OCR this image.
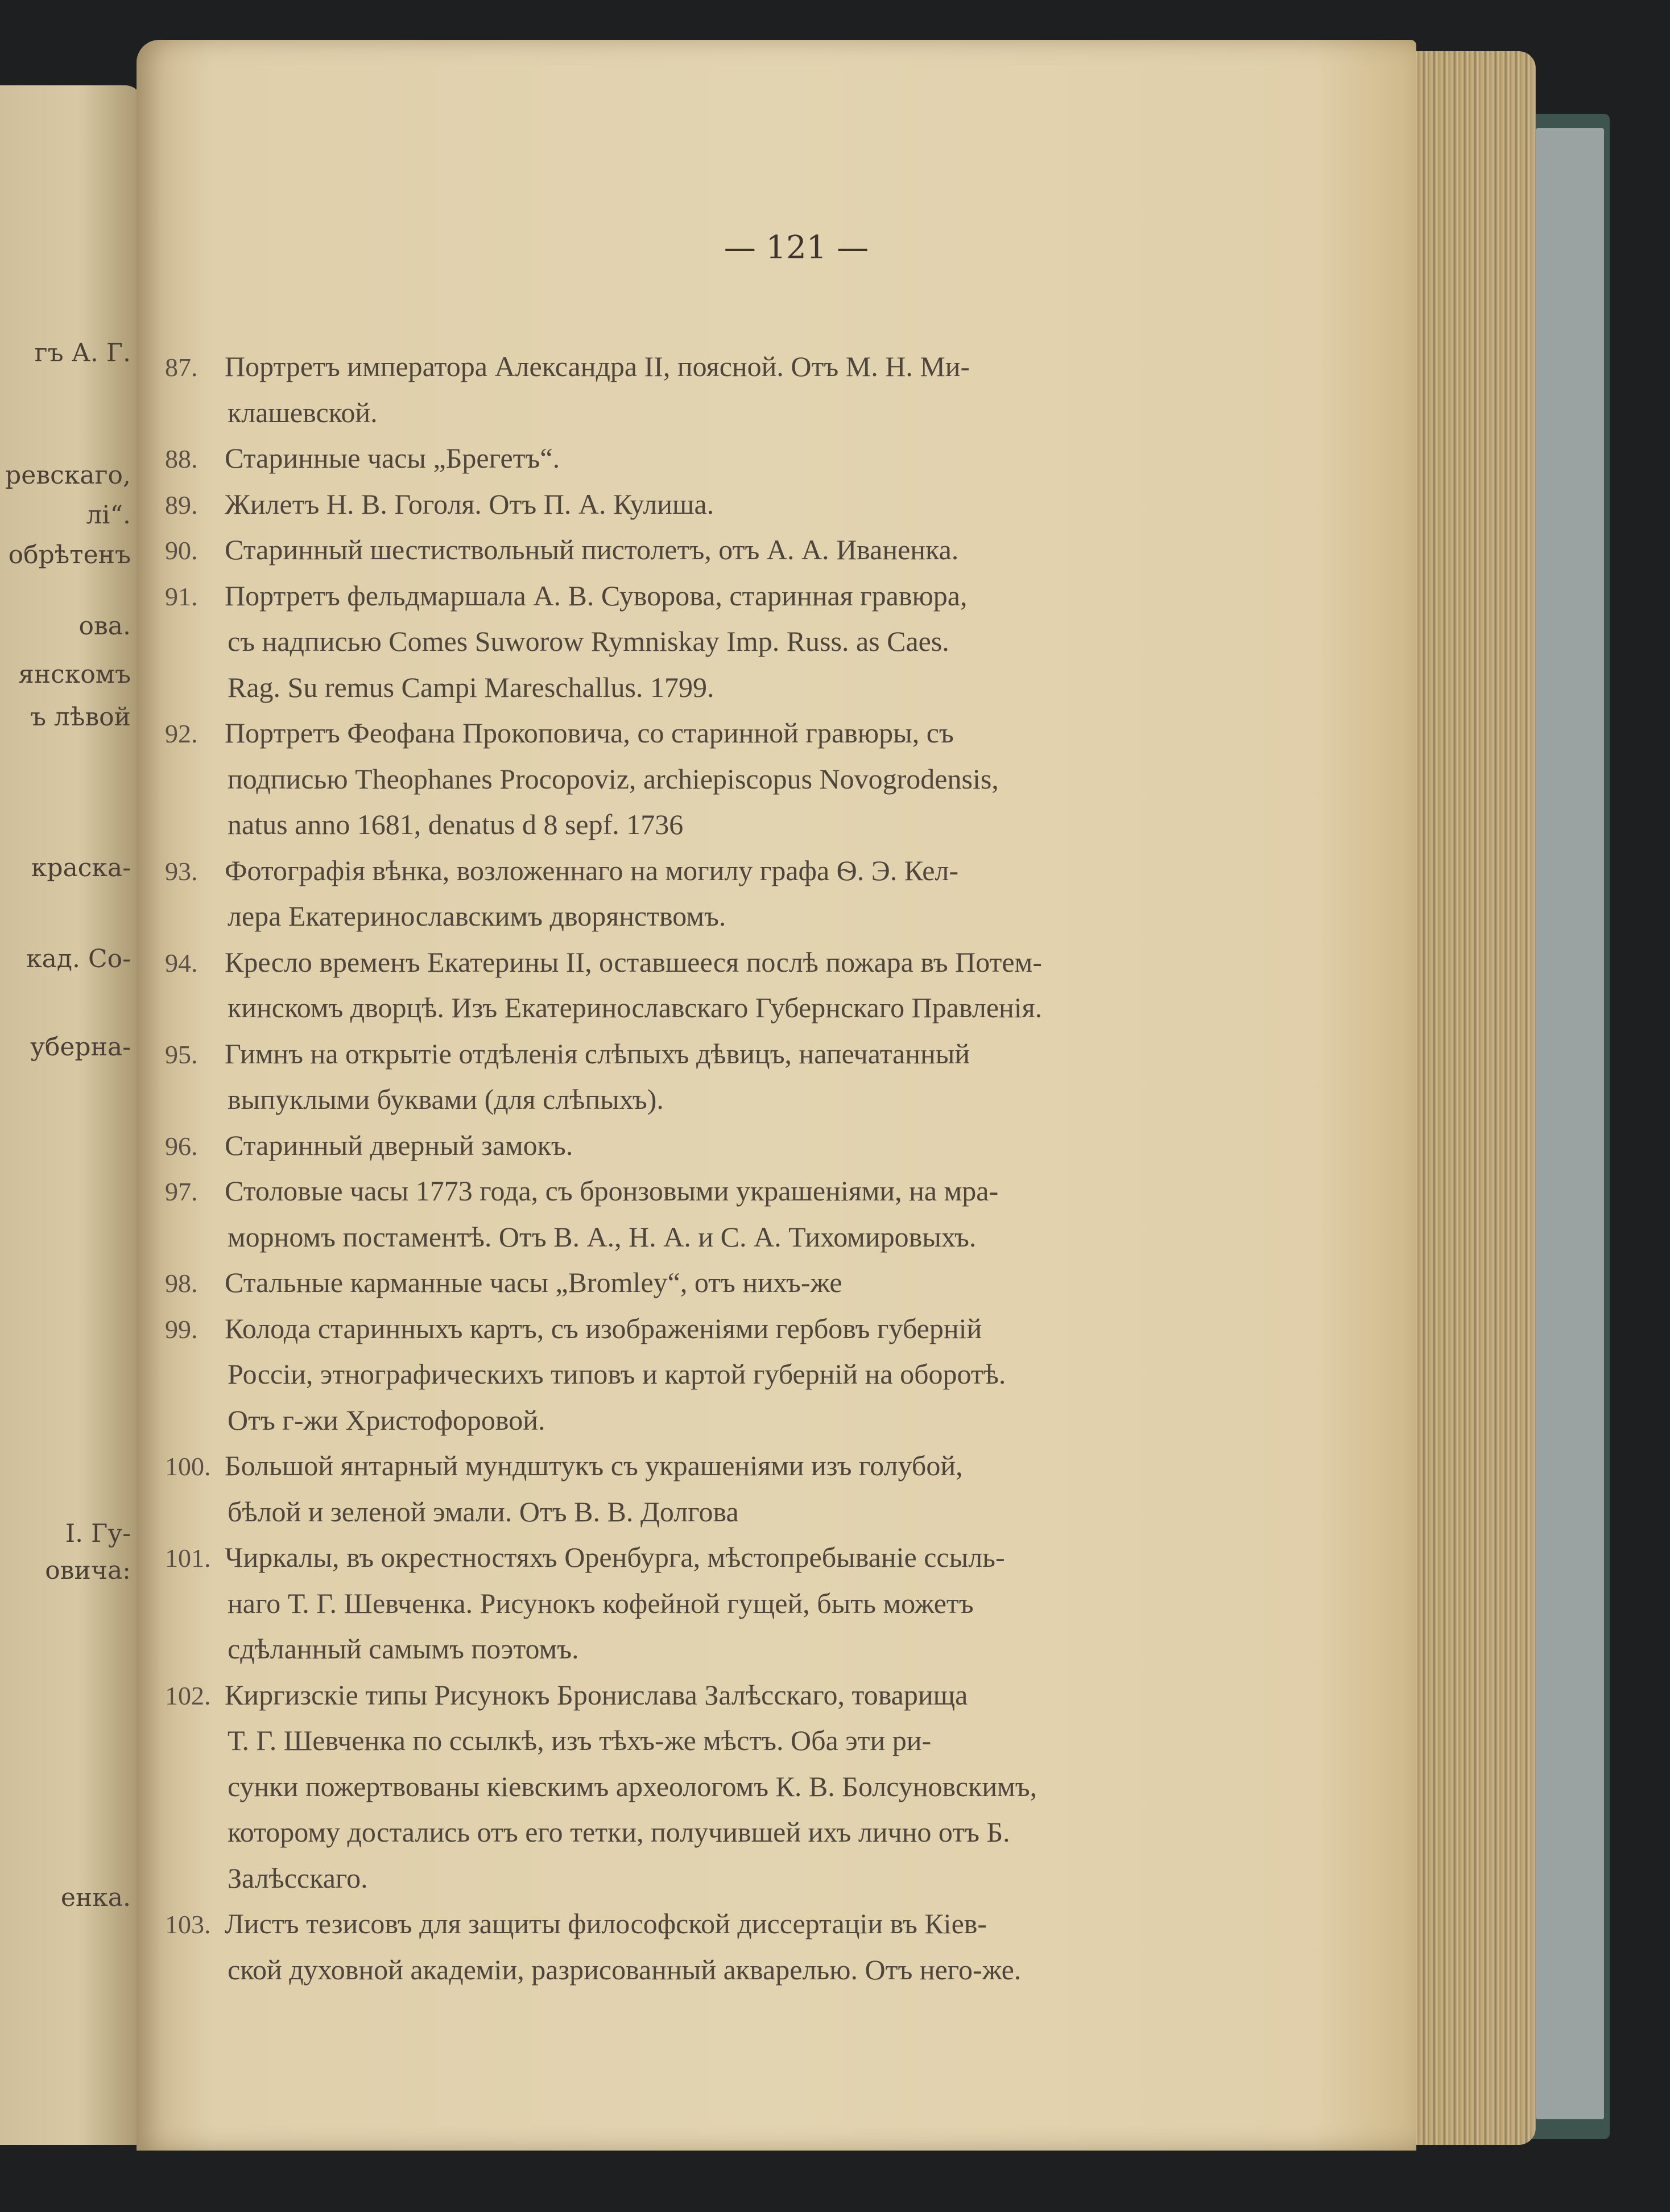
гъ А. Г.
ревскаго,
лі“.
обрѣтенъ
ова.
янскомъ
ъ лѣвой
краска-
кад. Со-
уберна-
І. Гу-
овича:
енка.
— 121 —
87. Портретъ императора Александра II, поясной. Отъ М. Н. Ми-
клашевской.
88. Старинные часы „Брегетъ“.
89. Жилетъ Н. В. Гоголя. Отъ П. А. Кулиша.
90. Старинный шестиствольный пистолетъ, отъ А. А. Иваненка.
91. Портретъ фельдмаршала А. В. Суворова, старинная гравюра,
съ надписью Comes Suworow Rymniskay Imp. Russ. as Caes.
Rag. Su remus Campi Mareschallus. 1799.
92. Портретъ Феофана Прокоповича, со старинной гравюры, съ
подписью Theophanes Procopoviz, archiepiscopus Novogrodensis,
natus anno 1681, denatus d 8 sepf. 1736
93. Фотографія вѣнка, возложеннаго на могилу графа Ѳ. Э. Кел-
лера Екатеринославскимъ дворянствомъ.
94. Кресло временъ Екатерины II, оставшееся послѣ пожара въ Потем-
кинскомъ дворцѣ. Изъ Екатеринославскаго Губернскаго Правленія.
95. Гимнъ на открытіе отдѣленія слѣпыхъ дѣвицъ, напечатанный
выпуклыми буквами (для слѣпыхъ).
96. Старинный дверный замокъ.
97. Столовые часы 1773 года, съ бронзовыми украшеніями, на мра-
морномъ постаментѣ. Отъ В. А., Н. А. и С. А. Тихомировыхъ.
98. Стальные карманные часы „Bromley“, отъ нихъ-же
99. Колода старинныхъ картъ, съ изображеніями гербовъ губерній
Россіи, этнографическихъ типовъ и картой губерній на оборотѣ.
Отъ г-жи Христофоровой.
100. Большой янтарный мундштукъ съ украшеніями изъ голубой,
бѣлой и зеленой эмали. Отъ В. В. Долгова
101. Чиркалы, въ окрестностяхъ Оренбурга, мѣстопребываніе ссыль-
наго Т. Г. Шевченка. Рисунокъ кофейной гущей, быть можетъ
сдѣланный самымъ поэтомъ.
102. Киргизскіе типы Рисунокъ Бронислава Залѣсскаго, товарища
Т. Г. Шевченка по ссылкѣ, изъ тѣхъ-же мѣстъ. Оба эти ри-
сунки пожертвованы кіевскимъ археологомъ К. В. Болсуновскимъ,
которому достались отъ его тетки, получившей ихъ лично отъ Б.
Залѣсскаго.
103. Листъ тезисовъ для защиты философской диссертаціи въ Кіев-
ской духовной академіи, разрисованный акварелью. Отъ него-же.
